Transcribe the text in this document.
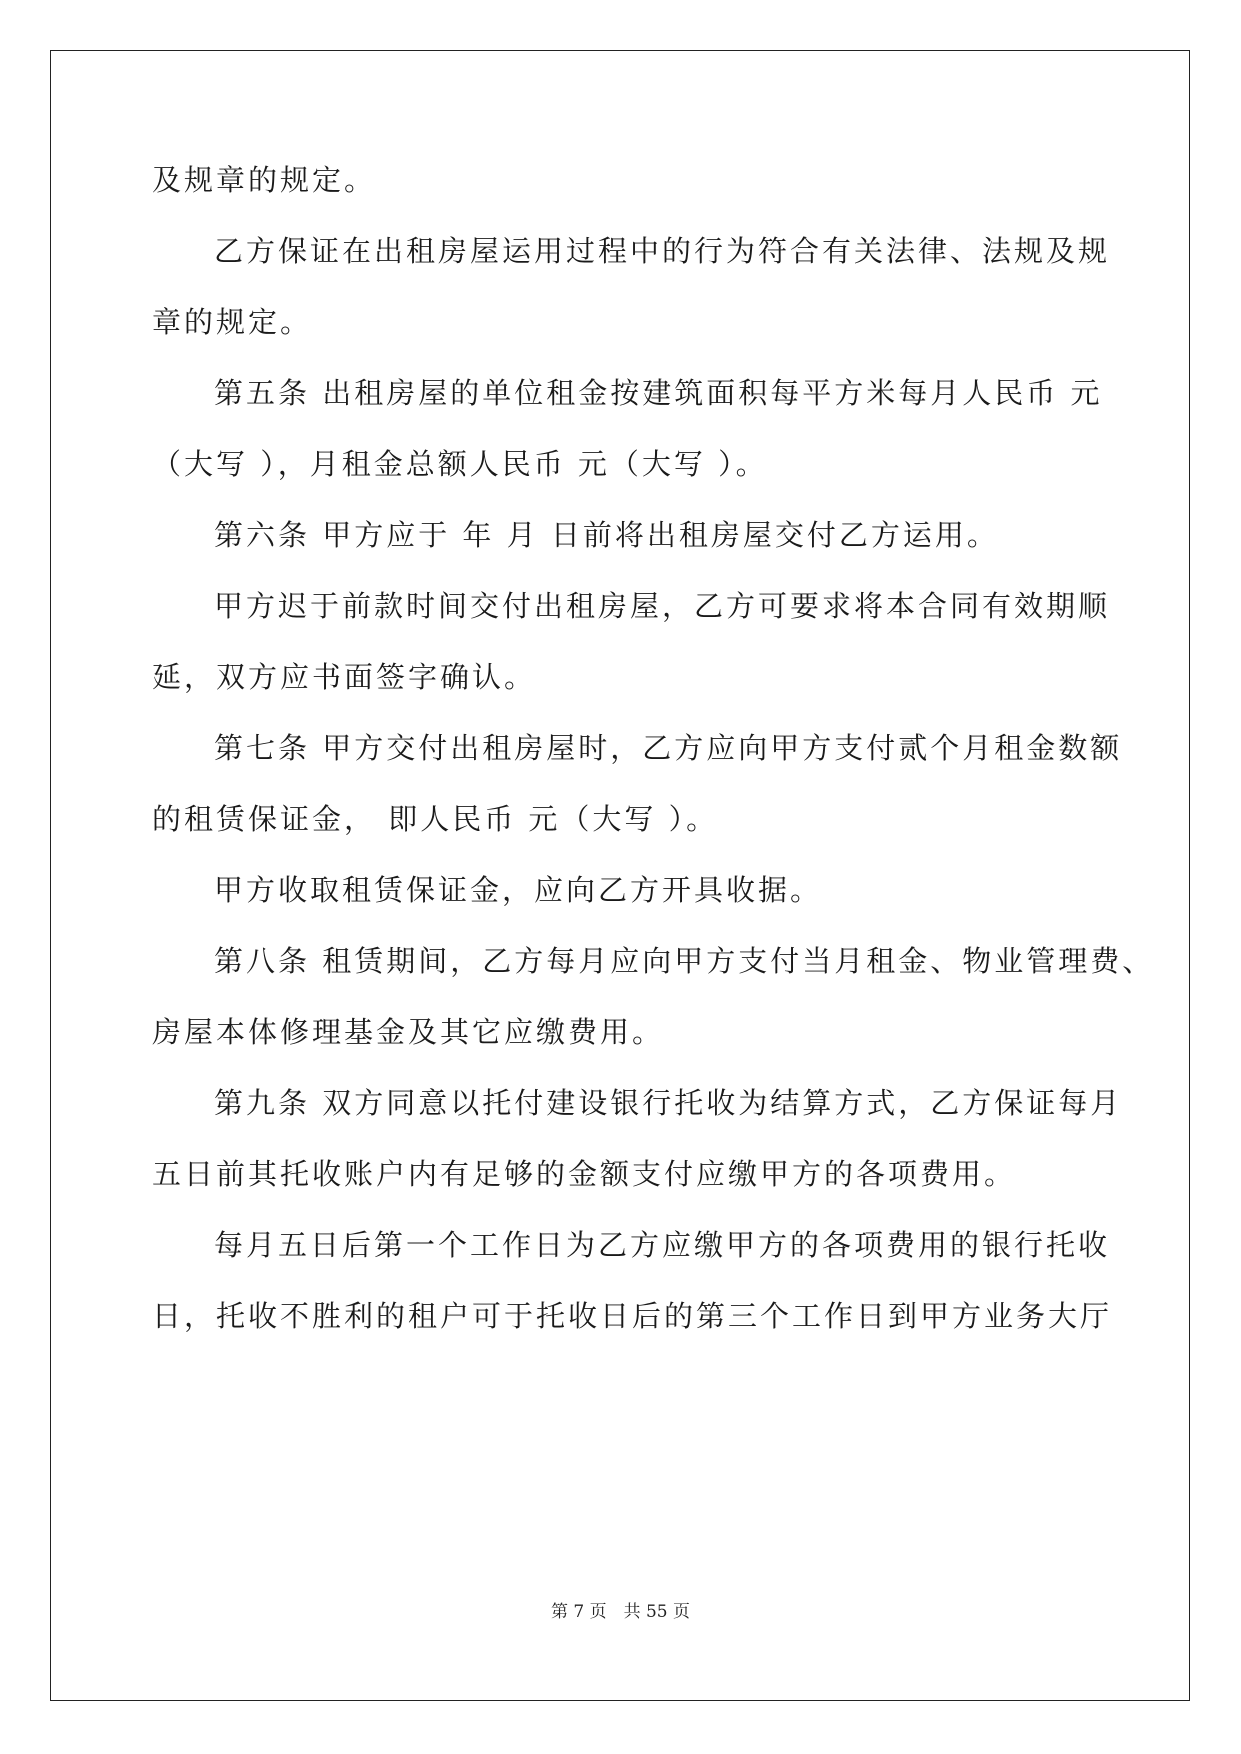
及规章的规定。
乙方保证在出租房屋运用过程中的行为符合有关法律、法规及规
章的规定。
第五条 出租房屋的单位租金按建筑面积每平方米每月人民币 元
（大写 ），月租金总额人民币 元（大写 ）。
第六条 甲方应于 年 月 日前将出租房屋交付乙方运用。
甲方迟于前款时间交付出租房屋，乙方可要求将本合同有效期顺
延，双方应书面签字确认。
第七条 甲方交付出租房屋时，乙方应向甲方支付贰个月租金数额
的租赁保证金， 即人民币 元（大写 ）。
甲方收取租赁保证金，应向乙方开具收据。
第八条 租赁期间，乙方每月应向甲方支付当月租金、物业管理费、
房屋本体修理基金及其它应缴费用。
第九条 双方同意以托付建设银行托收为结算方式，乙方保证每月
五日前其托收账户内有足够的金额支付应缴甲方的各项费用。
每月五日后第一个工作日为乙方应缴甲方的各项费用的银行托收
日，托收不胜利的租户可于托收日后的第三个工作日到甲方业务大厅
第 7 页　共 55 页
